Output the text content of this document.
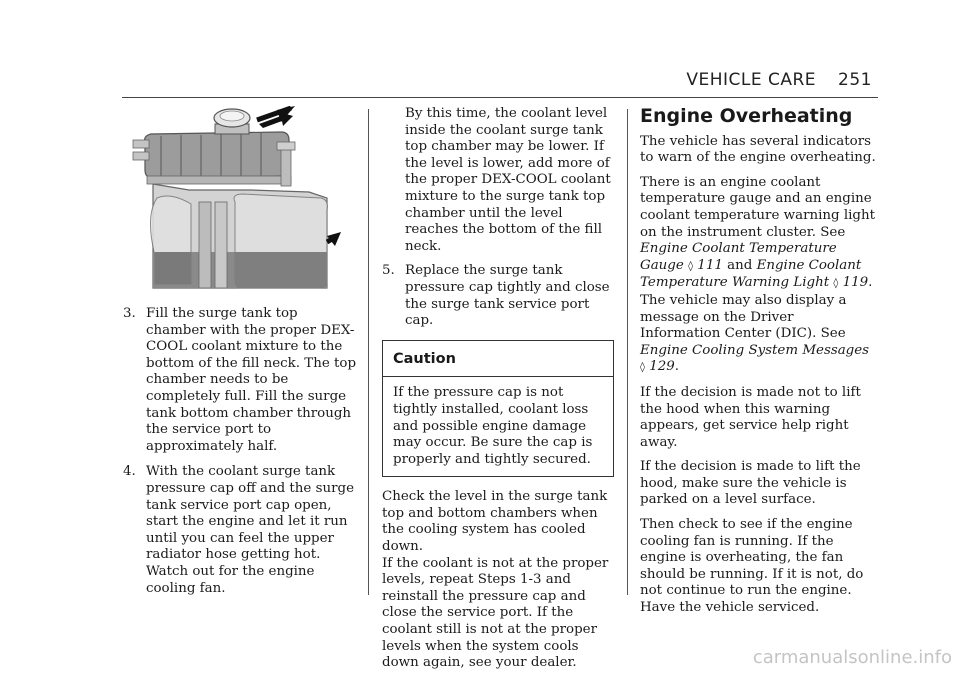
VEHICLE CARE 251
3. Fill the surge tank top chamber with the proper DEX-COOL coolant mixture to the bottom of the fill neck. The top chamber needs to be completely full. Fill the surge tank bottom chamber through the service port to approximately half.
4. With the coolant surge tank pressure cap off and the surge tank service port cap open, start the engine and let it run until you can feel the upper radiator hose getting hot. Watch out for the engine cooling fan.
By this time, the coolant level inside the coolant surge tank top chamber may be lower. If the level is lower, add more of the proper DEX-COOL coolant mixture to the surge tank top chamber until the level reaches the bottom of the fill neck.
5. Replace the surge tank pressure cap tightly and close the surge tank service port cap.
Caution
If the pressure cap is not tightly installed, coolant loss and possible engine damage may occur. Be sure the cap is properly and tightly secured.

Check the level in the surge tank top and bottom chambers when the cooling system has cooled down.

If the coolant is not at the proper levels, repeat Steps 1-3 and reinstall the pressure cap and close the service port. If the coolant still is not at the proper levels when the system cools down again, see your dealer.

Engine Overheating

The vehicle has several indicators to warn of the engine overheating.

There is an engine coolant temperature gauge and an engine coolant temperature warning light on the instrument cluster. See Engine Coolant Temperature Gauge ◊ 111 and Engine Coolant Temperature Warning Light ◊ 119. The vehicle may also display a message on the Driver Information Center (DIC). See Engine Cooling System Messages ◊ 129.

If the decision is made not to lift the hood when this warning appears, get service help right away.

If the decision is made to lift the hood, make sure the vehicle is parked on a level surface.

Then check to see if the engine cooling fan is running. If the engine is overheating, the fan should be running. If it is not, do not continue to run the engine. Have the vehicle serviced.

carmanualsonline.info
